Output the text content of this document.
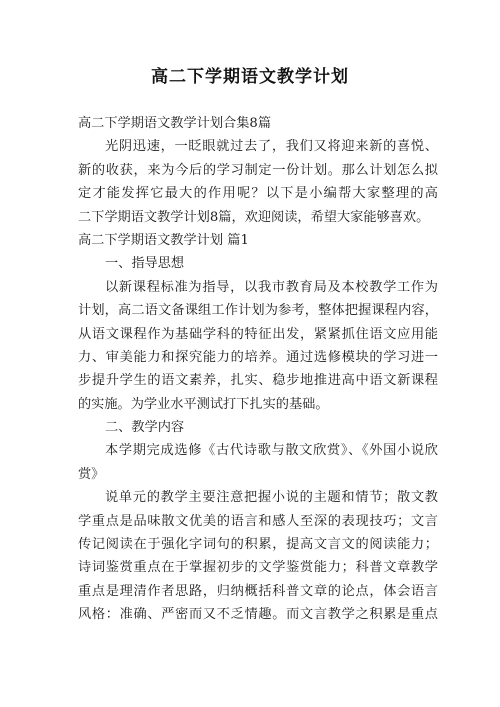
高二下学期语文教学计划
高二下学期语文教学计划合集8篇
光阴迅速，一眨眼就过去了，我们又将迎来新的喜悦、
新的收获，来为今后的学习制定一份计划。那么计划怎么拟
定才能发挥它最大的作用呢？以下是小编帮大家整理的高
二下学期语文教学计划8篇，欢迎阅读，希望大家能够喜欢。
高二下学期语文教学计划 篇1
一、指导思想
以新课程标准为指导，以我市教育局及本校教学工作为
计划，高二语文备课组工作计划为参考，整体把握课程内容，
从语文课程作为基础学科的特征出发，紧紧抓住语文应用能
力、审美能力和探究能力的培养。通过选修模块的学习进一
步提升学生的语文素养，扎实、稳步地推进高中语文新课程
的实施。为学业水平测试打下扎实的基础。
二、教学内容
本学期完成选修《古代诗歌与散文欣赏》、《外国小说欣
赏》
说单元的教学主要注意把握小说的主题和情节；散文教
学重点是品味散文优美的语言和感人至深的表现技巧；文言
传记阅读在于强化字词句的积累，提高文言文的阅读能力；
诗词鉴赏重点在于掌握初步的文学鉴赏能力；科普文章教学
重点是理清作者思路，归纳概括科普文章的论点，体会语言
风格：准确、严密而又不乏情趣。而文言教学之积累是重点
